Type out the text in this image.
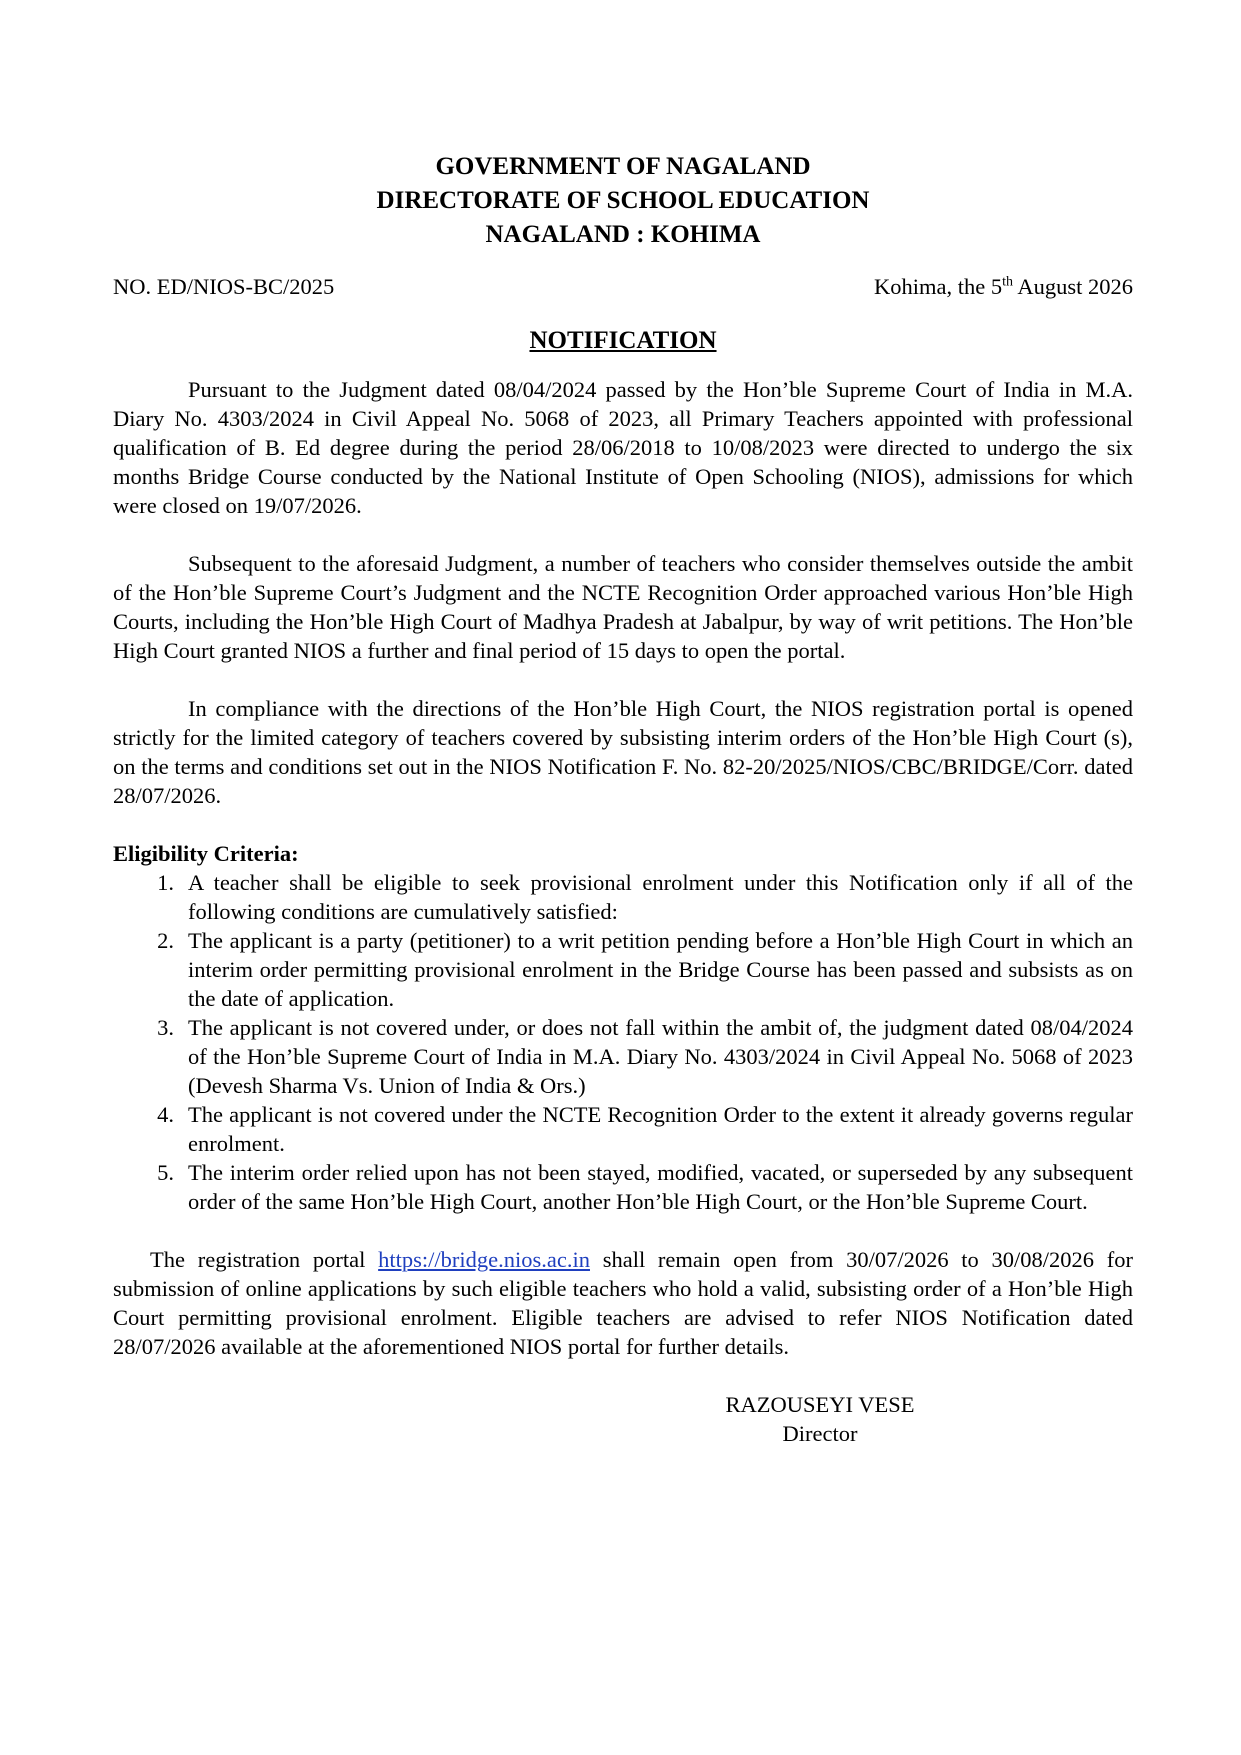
GOVERNMENT OF NAGALAND
DIRECTORATE OF SCHOOL EDUCATION
NAGALAND : KOHIMA
NO. ED/NIOS-BC/2025	Kohima, the 5th August 2026
NOTIFICATION

Pursuant to the Judgment dated 08/04/2024 passed by the Hon’ble Supreme Court of India in M.A. Diary No. 4303/2024 in Civil Appeal No. 5068 of 2023, all Primary Teachers appointed with professional qualification of B. Ed degree during the period 28/06/2018 to 10/08/2023 were directed to undergo the six months Bridge Course conducted by the National Institute of Open Schooling (NIOS), admissions for which were closed on 19/07/2026.

Subsequent to the aforesaid Judgment, a number of teachers who consider themselves outside the ambit of the Hon’ble Supreme Court’s Judgment and the NCTE Recognition Order approached various Hon’ble High Courts, including the Hon’ble High Court of Madhya Pradesh at Jabalpur, by way of writ petitions. The Hon’ble High Court granted NIOS a further and final period of 15 days to open the portal.

In compliance with the directions of the Hon’ble High Court, the NIOS registration portal is opened strictly for the limited category of teachers covered by subsisting interim orders of the Hon’ble High Court (s), on the terms and conditions set out in the NIOS Notification F. No. 82-20/2025/NIOS/CBC/BRIDGE/Corr. dated 28/07/2026.

Eligibility Criteria:

1. A teacher shall be eligible to seek provisional enrolment under this Notification only if all of the following conditions are cumulatively satisfied:
2. The applicant is a party (petitioner) to a writ petition pending before a Hon’ble High Court in which an interim order permitting provisional enrolment in the Bridge Course has been passed and subsists as on the date of application.
3. The applicant is not covered under, or does not fall within the ambit of, the judgment dated 08/04/2024 of the Hon’ble Supreme Court of India in M.A. Diary No. 4303/2024 in Civil Appeal No. 5068 of 2023 (Devesh Sharma Vs. Union of India & Ors.)
4. The applicant is not covered under the NCTE Recognition Order to the extent it already governs regular enrolment.
5. The interim order relied upon has not been stayed, modified, vacated, or superseded by any subsequent order of the same Hon’ble High Court, another Hon’ble High Court, or the Hon’ble Supreme Court.

The registration portal https://bridge.nios.ac.in shall remain open from 30/07/2026 to 30/08/2026 for submission of online applications by such eligible teachers who hold a valid, subsisting order of a Hon’ble High Court permitting provisional enrolment. Eligible teachers are advised to refer NIOS Notification dated 28/07/2026 available at the aforementioned NIOS portal for further details.

RAZOUSEYI VESE
Director
